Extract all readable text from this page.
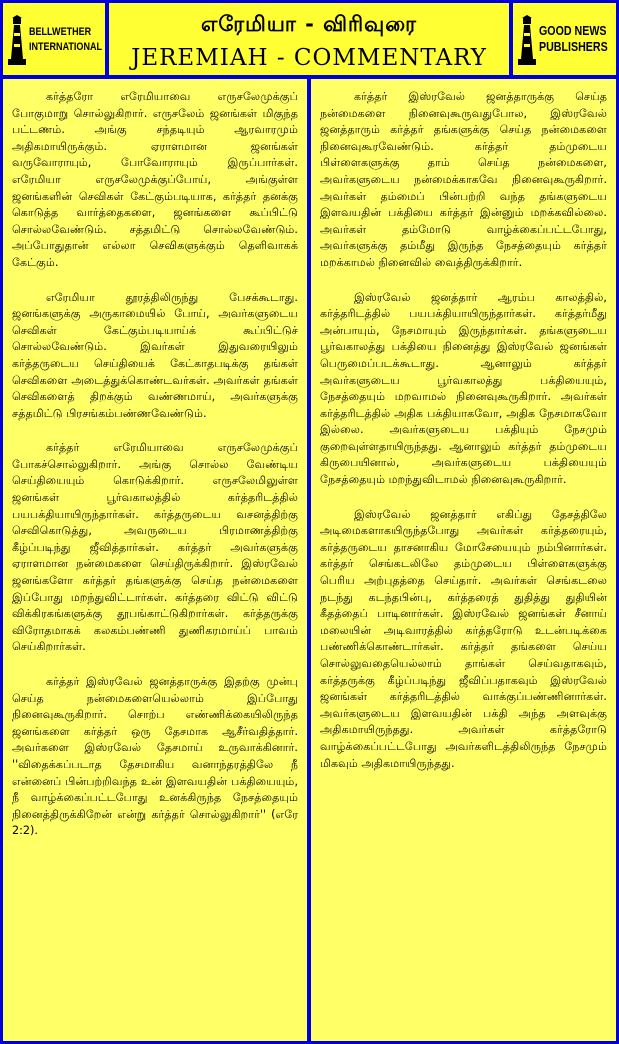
BELLWETHER
INTERNATIONAL
எரேமியா - விரிவுரை
JEREMIAH - COMMENTARY
GOOD NEWS
PUBLISHERS

கர்த்தரோ எரேமியாவை எருசலேமுக்குப் போகுமாறு சொல்லுகிறார். எருசலேம் ஜனங்கள் மிகுந்த பட்டணம். அங்கு சந்தடியும் ஆரவாரமும் அதிகமாயிருக்கும். ஏராளமான ஜனங்கள் வருவோராயும், போவோராயும் இருப்பார்கள். எரேமியா எருசலேமுக்குப்போய், அங்குள்ள ஜனங்களின் செவிகள் கேட்கும்படியாக, கர்த்தர் தனக்கு கொடுத்த வார்த்தைகளை, ஜனங்களை கூப்பிட்டு சொல்லவேண்டும். சத்தமிட்டு சொல்லவேண்டும். அப்போதுதான் எல்லா செவிகளுக்கும் தெளிவாகக் கேட்கும்.

எரேமியா தூரத்திலிருந்து பேசக்கூடாது. ஜனங்களுக்கு அருகாமையில் போய், அவர்களுடைய செவிகள் கேட்கும்படியாய்க் கூப்பிட்டுச் சொல்லவேண்டும். இவர்கள் இதுவரையிலும் கர்த்தருடைய செய்தியைக் கேட்காதபடிக்கு தங்கள் செவிகளை அடைத்துக்கொண்டவர்கள். அவர்கள் தங்கள் செவிகளைத் திறக்கும் வண்ணமாய், அவர்களுக்கு சத்தமிட்டு பிரசங்கம்பண்ணவேண்டும்.

கர்த்தர் எரேமியாவை எருசலேமுக்குப் போகச்சொல்லுகிறார். அங்கு சொல்ல வேண்டிய செய்தியையும் கொடுக்கிறார். எருசலேமிலுள்ள ஜனங்கள் பூர்வகாலத்தில் கர்த்தரிடத்தில் பயபக்தியாயிருந்தார்கள். கர்த்தருடைய வசனத்திற்கு செவிகொடுத்து, அவருடைய பிரமாணத்திற்கு கீழ்ப்படிந்து ஜீவித்தார்கள். கர்த்தர் அவர்களுக்கு ஏராளமான நன்மைகளை செய்திருக்கிறார். இஸ்ரவேல் ஜனங்களோ கர்த்தர் தங்களுக்கு செய்த நன்மைகளை இப்போது மறந்துவிட்டார்கள். கர்த்தரை விட்டு விட்டு விக்கிரகங்களுக்கு தூபங்காட்டுகிறார்கள். கர்த்தருக்கு விரோதமாகக் கலகம்பண்ணி துணிகரமாய்ப் பாவம் செய்கிறார்கள்.

கர்த்தர் இஸ்ரவேல் ஜனத்தாருக்கு இதற்கு முன்பு செய்த நன்மைகளையெல்லாம் இப்போது நினைவுகூருகிறார். சொற்ப எண்ணிக்கையிலிருந்த ஜனங்களை கர்த்தர் ஒரு தேசமாக ஆசீர்வதித்தார். அவர்களை இஸ்ரவேல் தேசமாய் உருவாக்கினார். ''விதைக்கப்படாத தேசமாகிய வனாந்தரத்திலே நீ என்னைப் பின்பற்றிவந்த உன் இளவயதின் பக்தியையும், நீ வாழ்க்கைப்பட்டபோது உனக்கிருந்த நேசத்தையும் நினைத்திருக்கிறேன் என்று கர்த்தர் சொல்லுகிறார்'' (எரே 2:2).

கர்த்தர் இஸ்ரவேல் ஜனத்தாருக்கு செய்த நன்மைகளை நினைவுகூருவதுபோல, இஸ்ரவேல் ஜனத்தாரும் கர்த்தர் தங்களுக்கு செய்த நன்மைகளை நினைவுகூரவேண்டும். கர்த்தர் தம்முடைய பிள்ளைகளுக்கு தாம் செய்த நன்மைகளை, அவர்களுடைய நன்மைக்காகவே நினைவுகூருகிறார். அவர்கள் தம்மைப் பின்பற்றி வந்த தங்களுடைய இளவயதின் பக்தியை கர்த்தர் இன்னும் மறக்கவில்லை. அவர்கள் தம்மோடு வாழ்க்கைப்பட்டபோது, அவர்களுக்கு தம்மீது இருந்த நேசத்தையும் கர்த்தர் மறக்காமல் நினைவில் வைத்திருக்கிறார்.

இஸ்ரவேல் ஜனத்தார் ஆரம்ப காலத்தில், கர்த்தரிடத்தில் பயபக்தியாயிருந்தார்கள். கர்த்தர்மீது அன்பாயும், நேசமாயும் இருந்தார்கள். தங்களுடைய பூர்வகாலத்து பக்தியை நினைத்து இஸ்ரவேல் ஜனங்கள் பெருமைப்படக்கூடாது. ஆனாலும் கர்த்தர் அவர்களுடைய பூர்வகாலத்து பக்தியையும், நேசத்தையும் மறவாமல் நினைவுகூருகிறார். அவர்கள் கர்த்தரிடத்தில் அதிக பக்தியாகவோ, அதிக நேசமாகவோ இல்லை. அவர்களுடைய பக்தியும் நேசமும் குறைவுள்ளதாயிருந்தது. ஆனாலும் கர்த்தர் தம்முடைய கிருபையினால், அவர்களுடைய பக்தியையும் நேசத்தையும் மறந்துவிடாமல் நினைவுகூருகிறார்.

இஸ்ரவேல் ஜனத்தார் எகிப்து தேசத்திலே அடிமைகளாகயிருந்தபோது அவர்கள் கர்த்தரையும், கர்த்தருடைய தாசனாகிய மோசேயையும் நம்பினார்கள். கர்த்தர் செங்கடலிலே தம்முடைய பிள்ளைகளுக்கு பெரிய அற்புதத்தை செய்தார். அவர்கள் செங்கடலை நடந்து கடந்தபின்பு, கர்த்தரைத் துதித்து துதியின் கீதத்தைப் பாடினார்கள். இஸ்ரவேல் ஜனங்கள் சீனாய் மலையின் அடிவாரத்தில் கர்த்தரோடு உடன்படிக்கை பண்ணிக்கொண்டார்கள். கர்த்தர் தங்களை செய்ய சொல்லுவதையெல்லாம் தாங்கள் செய்வதாகவும், கர்த்தருக்கு கீழ்ப்படிந்து ஜீவிப்பதாகவும் இஸ்ரவேல் ஜனங்கள் கர்த்தரிடத்தில் வாக்குப்பண்ணினார்கள். அவர்களுடைய இளவயதின் பக்தி அந்த அளவுக்கு அதிகமாயிருந்தது. அவர்கள் கர்த்தரோடு வாழ்க்கைப்பட்டபோது அவர்களிடத்திலிருந்த நேசமும் மிகவும் அதிகமாயிருந்தது.
